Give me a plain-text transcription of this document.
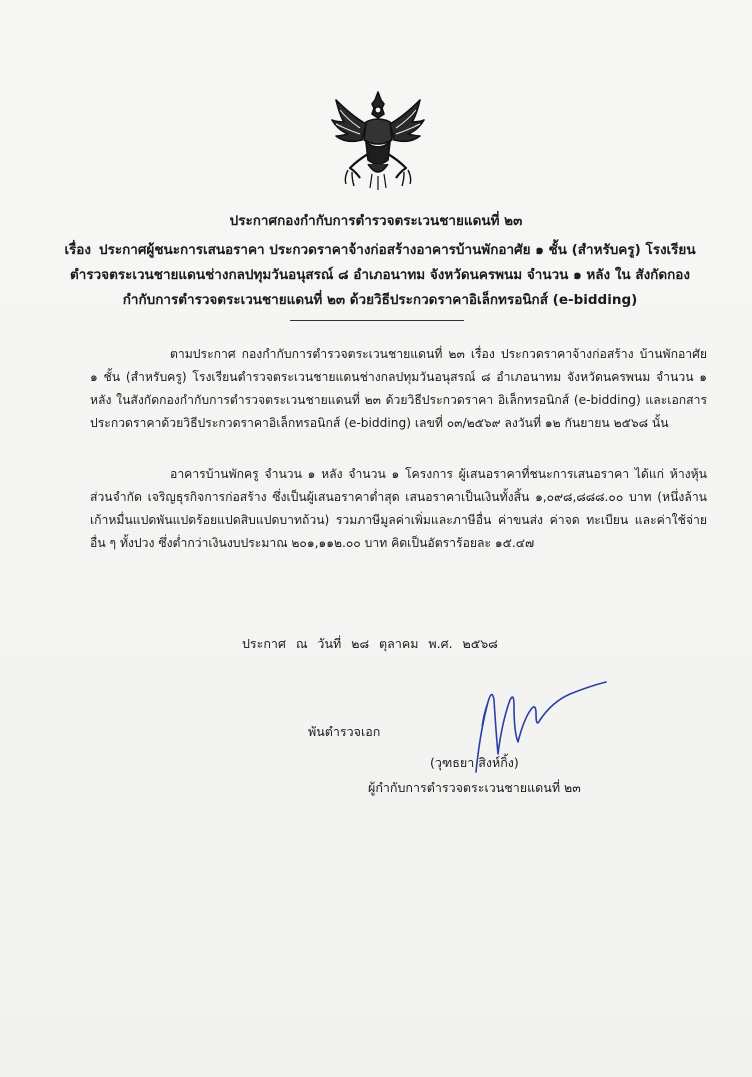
ประกาศกองกำกับการตำรวจตระเวนชายแดนที่ ๒๓
เรื่อง ประกาศผู้ชนะการเสนอราคา ประกวดราคาจ้างก่อสร้างอาคารบ้านพักอาศัย ๑ ชั้น (สำหรับครู) โรงเรียนตำรวจตระเวนชายแดนช่างกลปทุมวันอนุสรณ์ ๘ อำเภอนาทม จังหวัดนครพนม จำนวน ๑ หลัง ใน สังกัดกองกำกับการตำรวจตระเวนชายแดนที่ ๒๓ ด้วยวิธีประกวดราคาอิเล็กทรอนิกส์ (e-bidding)
ตามประกาศ กองกำกับการตำรวจตระเวนชายแดนที่ ๒๓ เรื่อง ประกวดราคาจ้างก่อสร้าง บ้านพักอาศัย ๑ ชั้น (สำหรับครู) โรงเรียนตำรวจตระเวนชายแดนช่างกลปทุมวันอนุสรณ์ ๘ อำเภอนาทม จังหวัดนครพนม จำนวน ๑ หลัง ในสังกัดกองกำกับการตำรวจตระเวนชายแดนที่ ๒๓ ด้วยวิธีประกวดราคา อิเล็กทรอนิกส์ (e-bidding) และเอกสารประกวดราคาด้วยวิธีประกวดราคาอิเล็กทรอนิกส์ (e-bidding) เลขที่ ๐๓/๒๕๖๙ ลงวันที่ ๑๒ กันยายน ๒๕๖๘ นั้น
อาคารบ้านพักครู จำนวน ๑ หลัง จำนวน ๑ โครงการ ผู้เสนอราคาที่ชนะการเสนอราคา ได้แก่ ห้างหุ้นส่วนจำกัด เจริญธุรกิจการก่อสร้าง ซึ่งเป็นผู้เสนอราคาต่ำสุด เสนอราคาเป็นเงินทั้งสิ้น ๑,๐๙๘,๘๘๘.๐๐ บาท (หนึ่งล้านเก้าหมื่นแปดพันแปดร้อยแปดสิบแปดบาทถ้วน) รวมภาษีมูลค่าเพิ่มและภาษีอื่น ค่าขนส่ง ค่าจด ทะเบียน และค่าใช้จ่ายอื่น ๆ ทั้งปวง ซึ่งต่ำกว่าเงินงบประมาณ ๒๐๑,๑๑๒.๐๐ บาท คิดเป็นอัตราร้อยละ ๑๕.๔๗
ประกาศ ณ วันที่ ๒๘ ตุลาคม พ.ศ. ๒๕๖๘
พันตำรวจเอก
(วุฑธยา สิงห์กิ้ง)
ผู้กำกับการตำรวจตระเวนชายแดนที่ ๒๓
